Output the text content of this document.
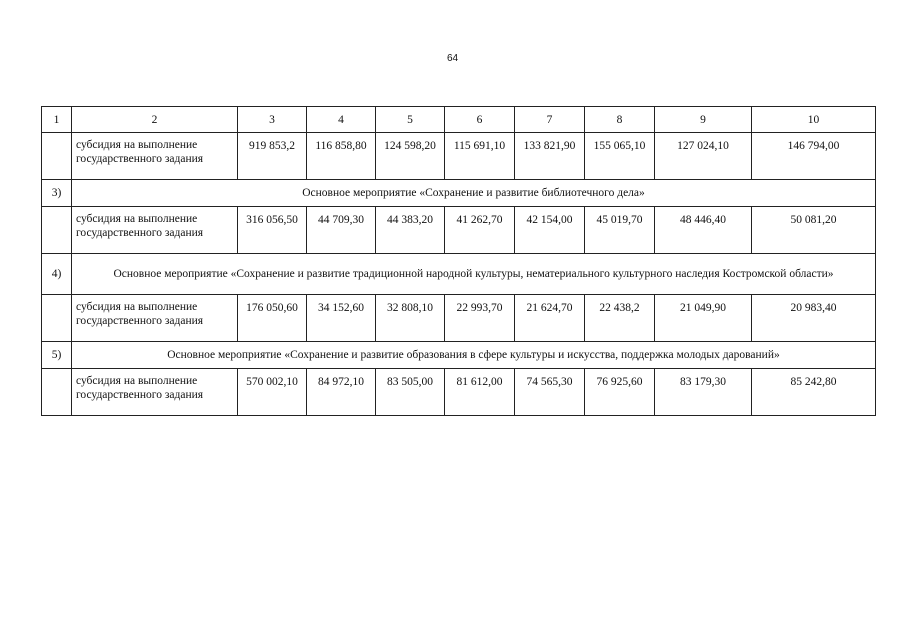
64
1	2	3	4	5	6	7	8	9	10
	субсидия на выполнение государственного задания	919 853,2	116 858,80	124 598,20	115 691,10	133 821,90	155 065,10	127 024,10	146 794,00
3)	Основное мероприятие «Сохранение и развитие библиотечного дела»								
	субсидия на выполнение государственного задания	316 056,50	44 709,30	44 383,20	41 262,70	42 154,00	45 019,70	48 446,40	50 081,20
4)	Основное мероприятие «Сохранение и развитие традиционной народной культуры, нематериального культурного наследия Костромской области»								
	субсидия на выполнение государственного задания	176 050,60	34 152,60	32 808,10	22 993,70	21 624,70	22 438,2	21 049,90	20 983,40
5)	Основное мероприятие «Сохранение и развитие образования в сфере культуры и искусства, поддержка молодых дарований»								
	субсидия на выполнение государственного задания	570 002,10	84 972,10	83 505,00	81 612,00	74 565,30	76 925,60	83 179,30	85 242,80
